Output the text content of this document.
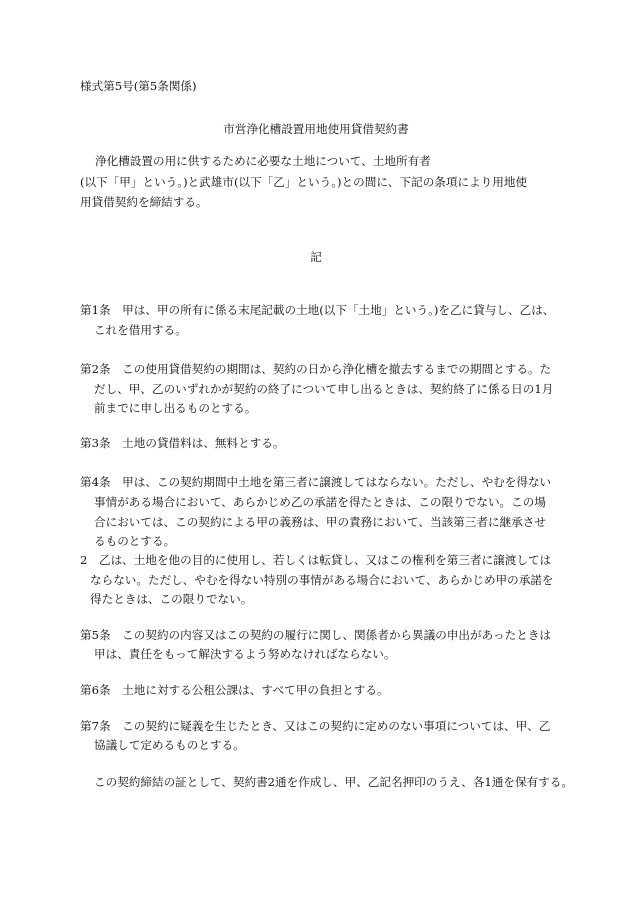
様式第5号(第5条関係)
市営浄化槽設置用地使用貸借契約書
浄化槽設置の用に供するために必要な土地について、土地所有者
(以下「甲」という。)と武雄市(以下「乙」という。)との間に、下記の条項により用地使
用貸借契約を締結する。
記
第1条　甲は、甲の所有に係る末尾記載の土地(以下「土地」という。)を乙に貸与し、乙は、
これを借用する。
第2条　この使用貸借契約の期間は、契約の日から浄化槽を撤去するまでの期間とする。た
だし、甲、乙のいずれかが契約の終了について申し出るときは、契約終了に係る日の1月
前までに申し出るものとする。
第3条　土地の貸借料は、無料とする。
第4条　甲は、この契約期間中土地を第三者に譲渡してはならない。ただし、やむを得ない
事情がある場合において、あらかじめ乙の承諾を得たときは、この限りでない。この場
合においては、この契約による甲の義務は、甲の責務において、当該第三者に継承させ
るものとする。
2　乙は、土地を他の目的に使用し、若しくは転貸し、又はこの権利を第三者に譲渡しては
ならない。ただし、やむを得ない特別の事情がある場合において、あらかじめ甲の承諾を
得たときは、この限りでない。
第5条　この契約の内容又はこの契約の履行に関し、関係者から異議の申出があったときは
甲は、責任をもって解決するよう努めなければならない。
第6条　土地に対する公租公課は、すべて甲の負担とする。
第7条　この契約に疑義を生じたとき、又はこの契約に定めのない事項については、甲、乙
協議して定めるものとする。
この契約締結の証として、契約書2通を作成し、甲、乙記名押印のうえ、各1通を保有する。
